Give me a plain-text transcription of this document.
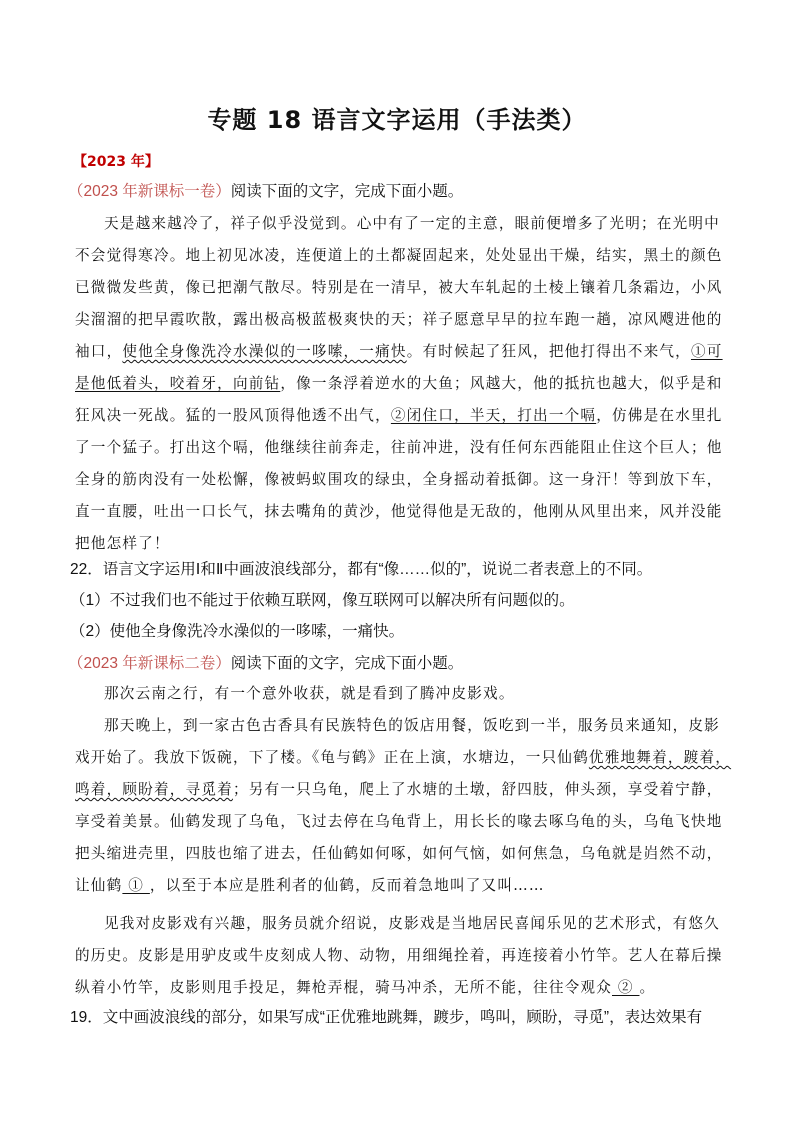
专题 18 语言文字运用（手法类）
【2023 年】
（2023 年新课标一卷）阅读下面的文字，完成下面小题。
天是越来越冷了，祥子似乎没觉到。心中有了一定的主意，眼前便增多了光明；在光明中
不会觉得寒冷。地上初见冰凌，连便道上的土都凝固起来，处处显出干燥，结实，黑土的颜色
已微微发些黄，像已把潮气散尽。特别是在一清早，被大车轧起的土棱上镶着几条霜边，小风
尖溜溜的把早霞吹散，露出极高极蓝极爽快的天；祥子愿意早早的拉车跑一趟，凉风飕进他的
袖口，使他全身像洗冷水澡似的一哆嗦，一痛快。有时候起了狂风，把他打得出不来气，①可
是他低着头，咬着牙，向前钻，像一条浮着逆水的大鱼；风越大，他的抵抗也越大，似乎是和
狂风决一死战。猛的一股风顶得他透不出气，②闭住口，半天，打出一个嗝，仿佛是在水里扎
了一个猛子。打出这个嗝，他继续往前奔走，往前冲进，没有任何东西能阻止住这个巨人；他
全身的筋肉没有一处松懈，像被蚂蚁围攻的绿虫，全身摇动着抵御。这一身汗！等到放下车，
直一直腰，吐出一口长气，抹去嘴角的黄沙，他觉得他是无敌的，他刚从风里出来，风并没能
把他怎样了！
22．语言文字运用Ⅰ和Ⅱ中画波浪线部分，都有“像……似的”，说说二者表意上的不同。
（1）不过我们也不能过于依赖互联网，像互联网可以解决所有问题似的。
（2）使他全身像洗冷水澡似的一哆嗦，一痛快。
（2023 年新课标二卷）阅读下面的文字，完成下面小题。
那次云南之行，有一个意外收获，就是看到了腾冲皮影戏。
那天晚上，到一家古色古香具有民族特色的饭店用餐，饭吃到一半，服务员来通知，皮影
戏开始了。我放下饭碗，下了楼。《龟与鹤》正在上演，水塘边，一只仙鹤优雅地舞着，踱着，
鸣着，顾盼着，寻觅着；另有一只乌龟，爬上了水塘的土墩，舒四肢，伸头颈，享受着宁静，
享受着美景。仙鹤发现了乌龟，飞过去停在乌龟背上，用长长的喙去啄乌龟的头，乌龟飞快地
把头缩进壳里，四肢也缩了进去，任仙鹤如何啄，如何气恼，如何焦急，乌龟就是岿然不动，
让仙鹤 ① ，以至于本应是胜利者的仙鹤，反而着急地叫了又叫……
见我对皮影戏有兴趣，服务员就介绍说，皮影戏是当地居民喜闻乐见的艺术形式，有悠久
的历史。皮影是用驴皮或牛皮刻成人物、动物，用细绳拴着，再连接着小竹竿。艺人在幕后操
纵着小竹竿，皮影则甩手投足，舞枪弄棍，骑马冲杀，无所不能，往往令观众 ② 。
19．文中画波浪线的部分，如果写成“正优雅地跳舞，踱步，鸣叫，顾盼，寻觅”，表达效果有
